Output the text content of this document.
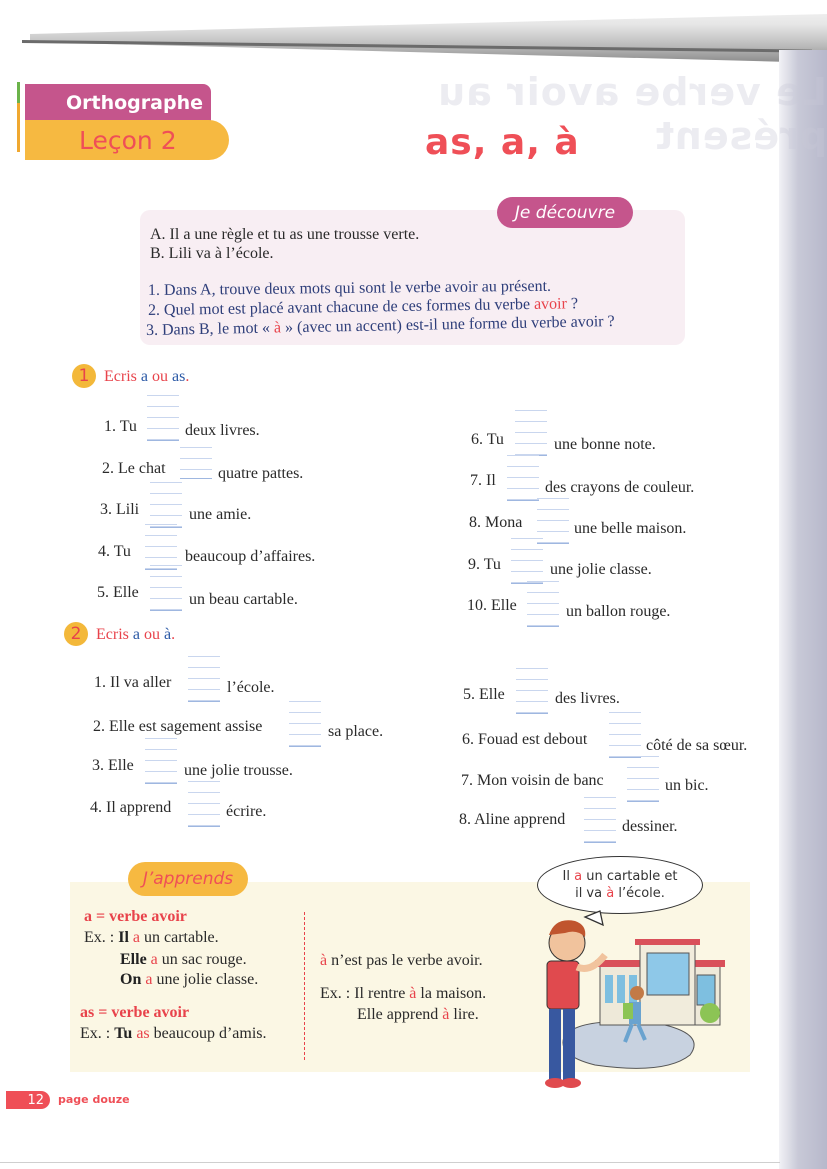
Le verbe avoir au présent
Orthographe
Leçon 2	as, a, à
Je découvre
A. Il a une règle et tu as une trousse verte.
B. Lili va à l’école.
1. Dans A, trouve deux mots qui sont le verbe avoir au présent.
2. Quel mot est placé avant chacune de ces formes du verbe avoir ?
3. Dans B, le mot « à » (avec un accent) est-il une forme du verbe avoir ?
1 Ecris a ou as.
1. Tu	deux livres.
2. Le chat	quatre pattes.
3. Lili	une amie.
4. Tu	beaucoup d’affaires.
5. Elle	un beau cartable.
6. Tu	une bonne note.
7. Il	des crayons de couleur.
8. Mona	une belle maison.
9. Tu	une jolie classe.
10. Elle	un ballon rouge.
2 Ecris a ou à.
1. Il va aller	l’école.
2. Elle est sagement assise	sa place.
3. Elle	une jolie trousse.
4. Il apprend	écrire.
5. Elle	des livres.
6. Fouad est debout	côté de sa sœur.
7. Mon voisin de banc	un bic.
8. Aline apprend	dessiner.
J’apprends
a = verbe avoir
Ex. : Il a un cartable.
Elle a un sac rouge.
On a une jolie classe.
as = verbe avoir
Ex. : Tu as beaucoup d’amis.
à n’est pas le verbe avoir.
Ex. : Il rentre à la maison.
Elle apprend à lire.
Il a un cartable et
il va à l’école.
12	page douze
